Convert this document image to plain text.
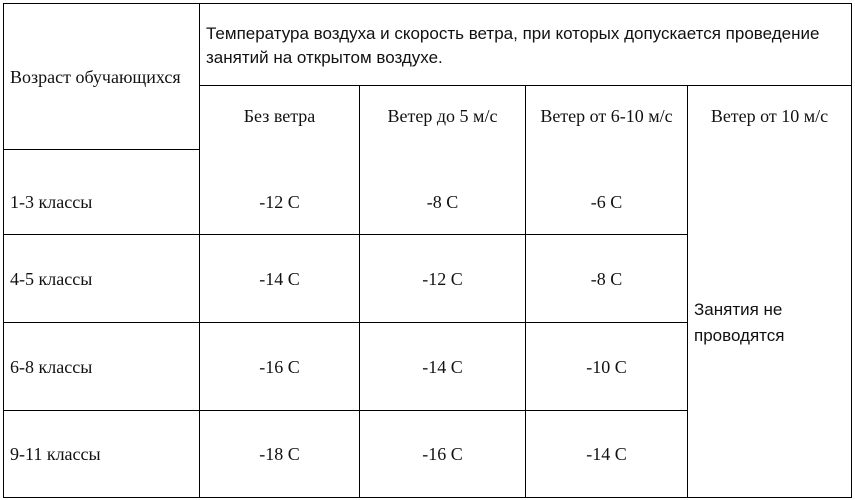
Возраст обучающихся	Температура воздуха и скорость ветра, при которых допускается проведение занятий на открытом воздухе.			
	Без ветра	Ветер до 5 м/с	Ветер от 6-10 м/с	Ветер от 10 м/с
1-3 классы	-12 С	-8 С	-6 С	Занятия не проводятся
4-5 классы	-14 С	-12 С	-8 С	
6-8 классы	-16 С	-14 С	-10 С	
9-11 классы	-18 С	-16 С	-14 С	
